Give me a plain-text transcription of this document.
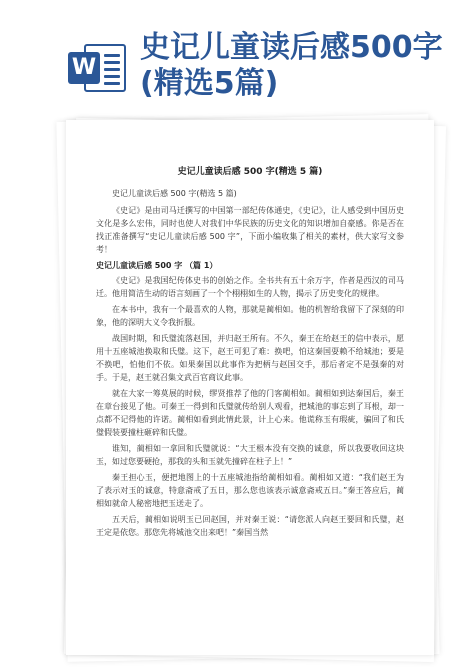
W
史记儿童读后感500字(精选5篇)
史记儿童读后感 500 字(精选 5 篇)

史记儿童读后感 500 字(精选 5 篇)

《史记》是由司马迁撰写的中国第一部纪传体通史，《史记》，让人感受到中国历史文化是多么宏伟，同时也使人对我们中华民族的历史文化的知识增加自豪感。你是否在找正准备撰写“史记儿童读后感 500 字”，下面小编收集了相关的素材，供大家写文参考！

史记儿童读后感 500 字 （篇 1）

《史记》是我国纪传体史书的创始之作。全书共有五十余万字，作者是西汉的司马迁。他用简洁生动的语言刻画了一个个栩栩如生的人物，揭示了历史变化的规律。

在本书中，我有一个最喜欢的人物，那就是蔺相如。他的机智给我留下了深刻的印象，他的深明大义令我折服。

战国时期，和氏璧流落赵国，并归赵王所有。不久，秦王在给赵王的信中表示，愿用十五座城池换取和氏璧。这下，赵王可犯了难：换吧，怕这秦国耍赖不给城池；要是不换吧，怕他们不依。如果秦国以此事作为把柄与赵国交手，那后者定不是强秦的对手。于是，赵王就召集文武百官商议此事。

就在大家一筹莫展的时候，缪贤推荐了他的门客蔺相如。蔺相如到达秦国后，秦王在章台接见了他。可秦王一得到和氏璧就传给别人观看，把城池的事忘到了耳根，却一点都不记得他的许诺。蔺相如看到此情此景，计上心来。他谎称玉有瑕疵，骗回了和氏璧假装要撞柱砸碎和氏璧。

谁知，蔺相如一拿回和氏璧就说：“大王根本没有交换的诚意，所以我要收回这块玉，如过您要硬抢，那我的头和玉就先撞碎在柱子上！”

秦王担心玉，便把地图上的十五座城池指给蔺相如看。蔺相如又道：“我们赵王为了表示对玉的诚意，特意斋戒了五日，那么您也该表示诚意斋戒五日。”秦王答应后，蔺相如就命人秘密地把玉送走了。

五天后，蔺相如说明玉已回赵国，并对秦王说：“请您派人向赵王要回和氏璧，赵王定是依您。那您先将城池交出来吧！”秦国当然
